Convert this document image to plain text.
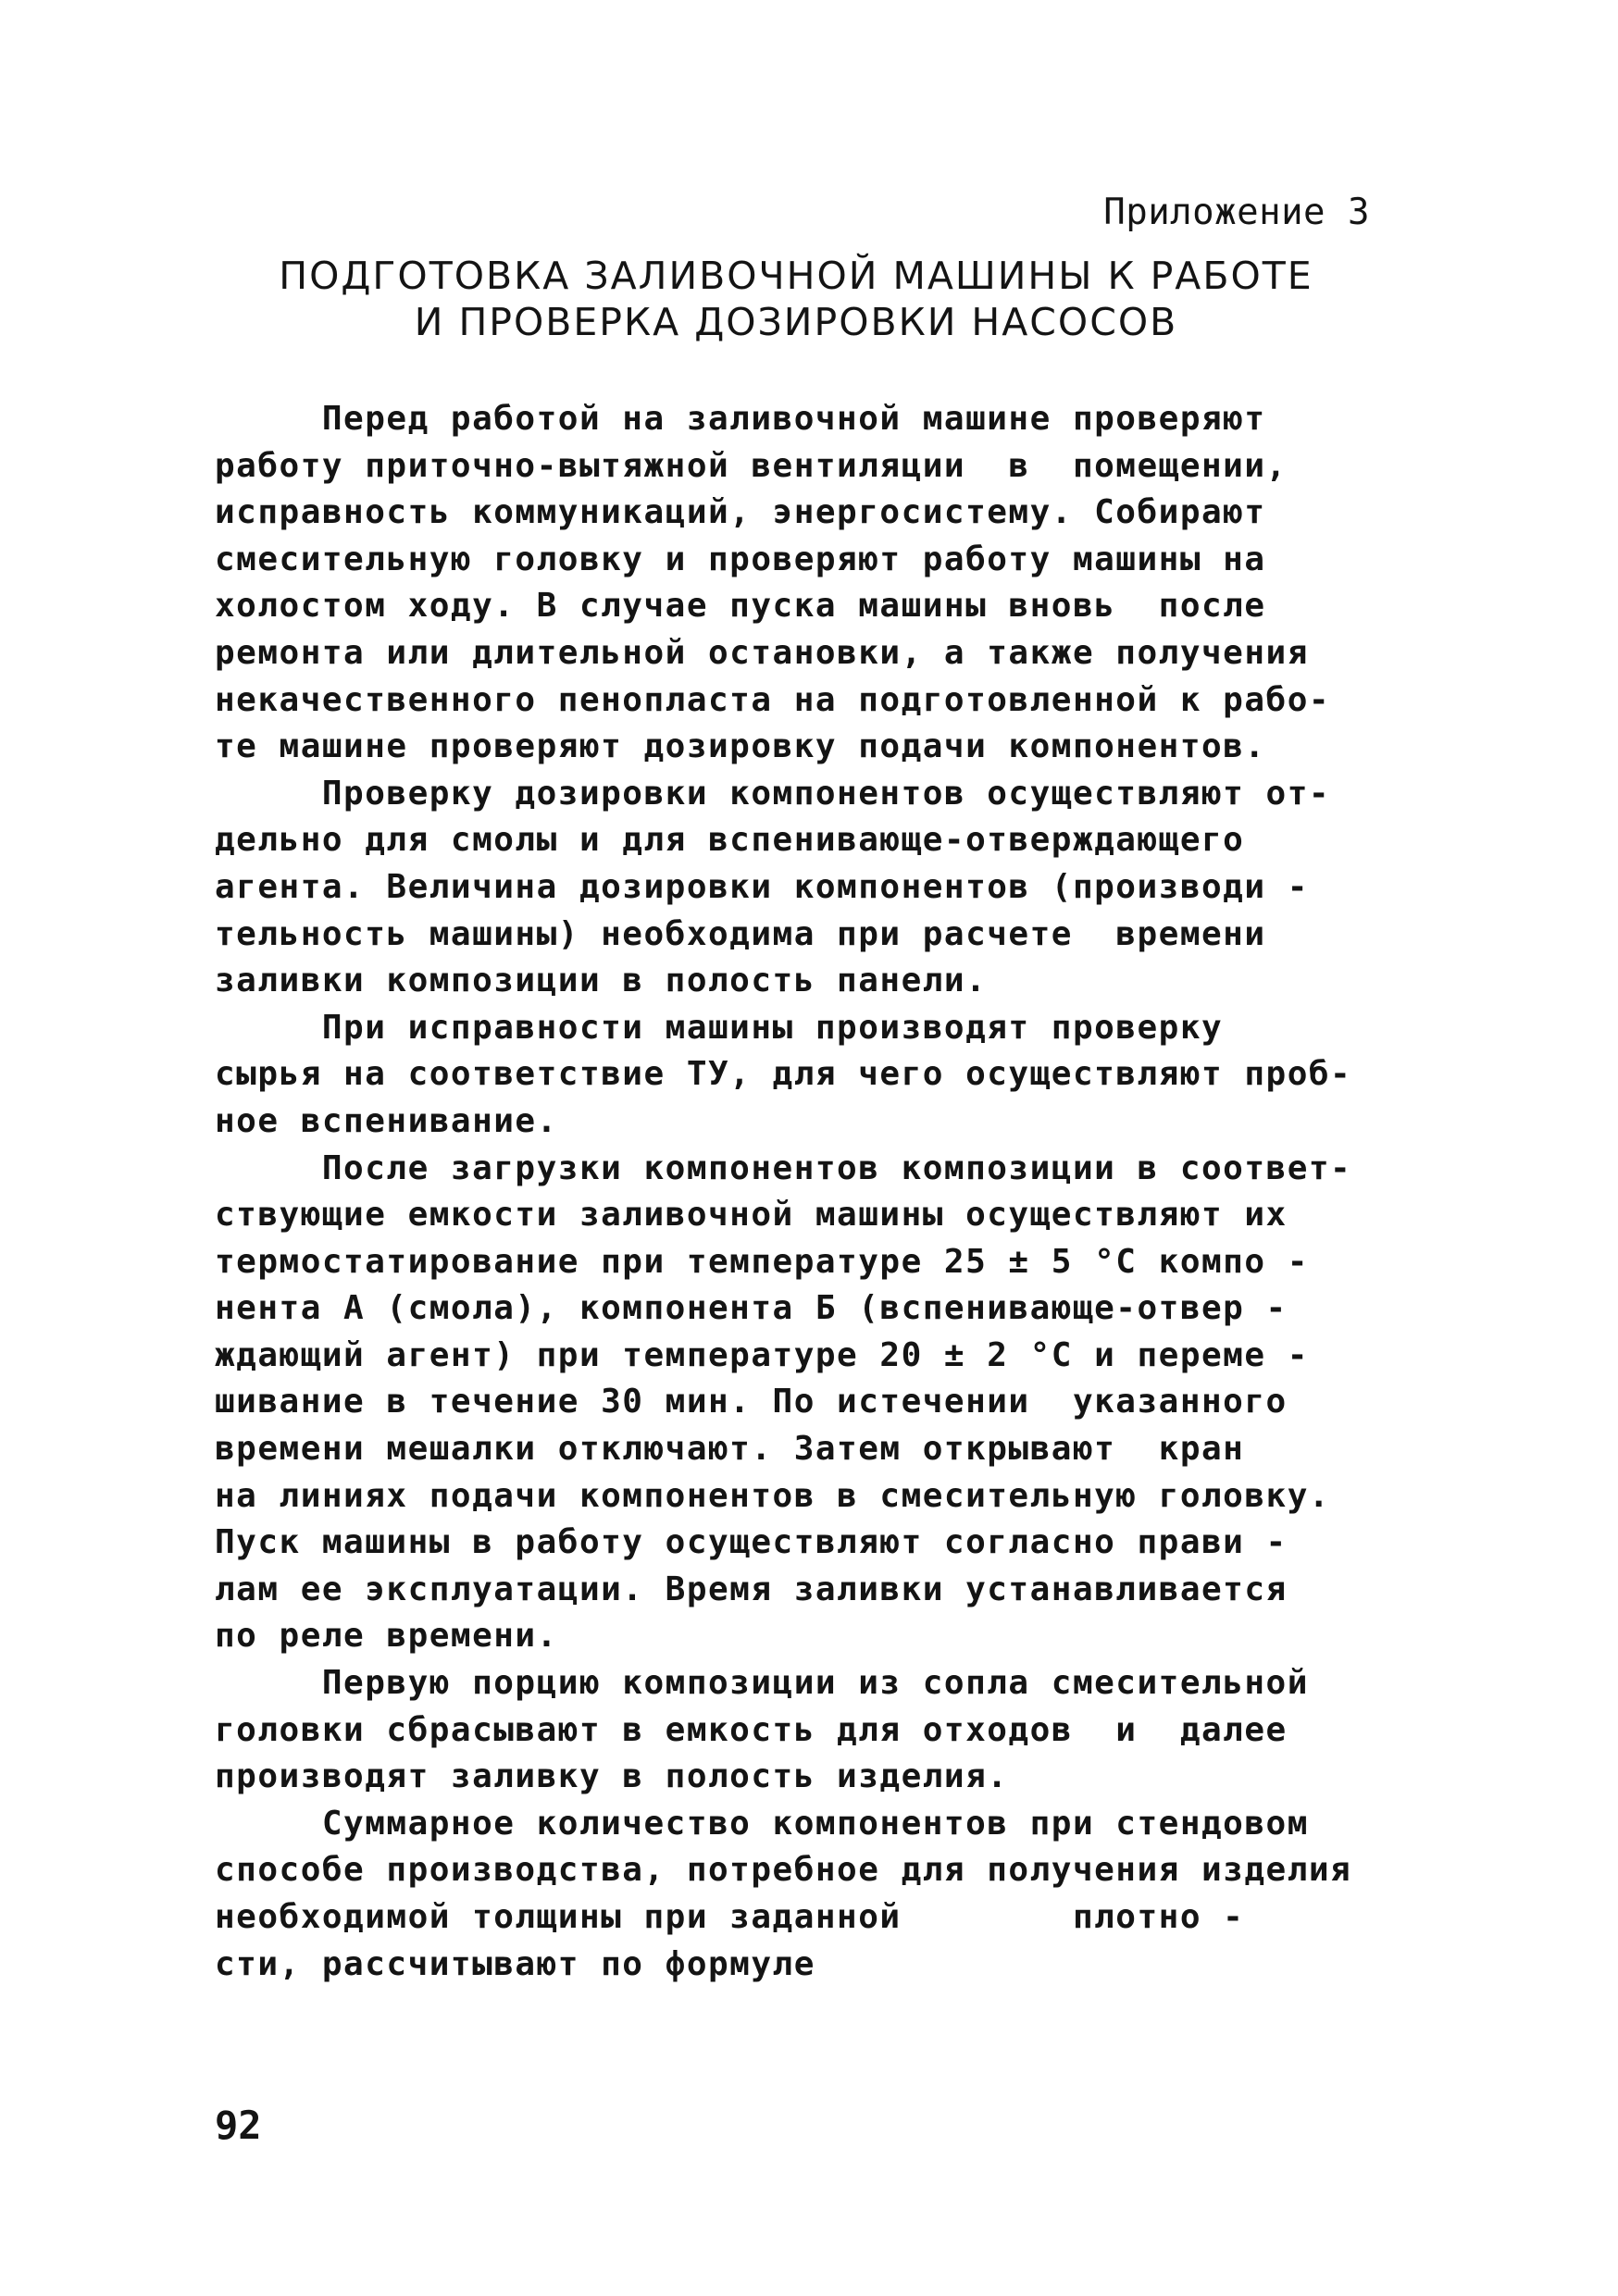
Приложение 3
ПОДГОТОВКА ЗАЛИВОЧНОЙ МАШИНЫ К РАБОТЕ
И ПРОВЕРКА ДОЗИРОВКИ НАСОСОВ
Перед работой на заливочной машине проверяют
работу приточно-вытяжной вентиляции  в  помещении,
исправность коммуникаций, энергосистему. Собирают
смесительную головку и проверяют работу машины на
холостом ходу. В случае пуска машины вновь  после
ремонта или длительной остановки, а также получения
некачественного пенопласта на подготовленной к рабо-
те машине проверяют дозировку подачи компонентов.
Проверку дозировки компонентов осуществляют от-
дельно для смолы и для вспенивающе-отверждающего
агента. Величина дозировки компонентов (производи -
тельность машины) необходима при расчете  времени
заливки композиции в полость панели.
При исправности машины производят проверку
сырья на соответствие ТУ, для чего осуществляют проб-
ное вспенивание.
После загрузки компонентов композиции в соответ-
ствующие емкости заливочной машины осуществляют их
термостатирование при температуре 25 ± 5 °С компо -
нента А (смола), компонента Б (вспенивающе-отвер -
ждающий агент) при температуре 20 ± 2 °С и переме -
шивание в течение 30 мин. По истечении  указанного
времени мешалки отключают. Затем открывают  кран
на линиях подачи компонентов в смесительную головку.
Пуск машины в работу осуществляют согласно прави -
лам ее эксплуатации. Время заливки устанавливается
по реле времени.
Первую порцию композиции из сопла смесительной
головки сбрасывают в емкость для отходов  и  далее
производят заливку в полость изделия.
Суммарное количество компонентов при стендовом
способе производства, потребное для получения изделия
необходимой толщины при заданной        плотно -
сти, рассчитывают по формуле
92
